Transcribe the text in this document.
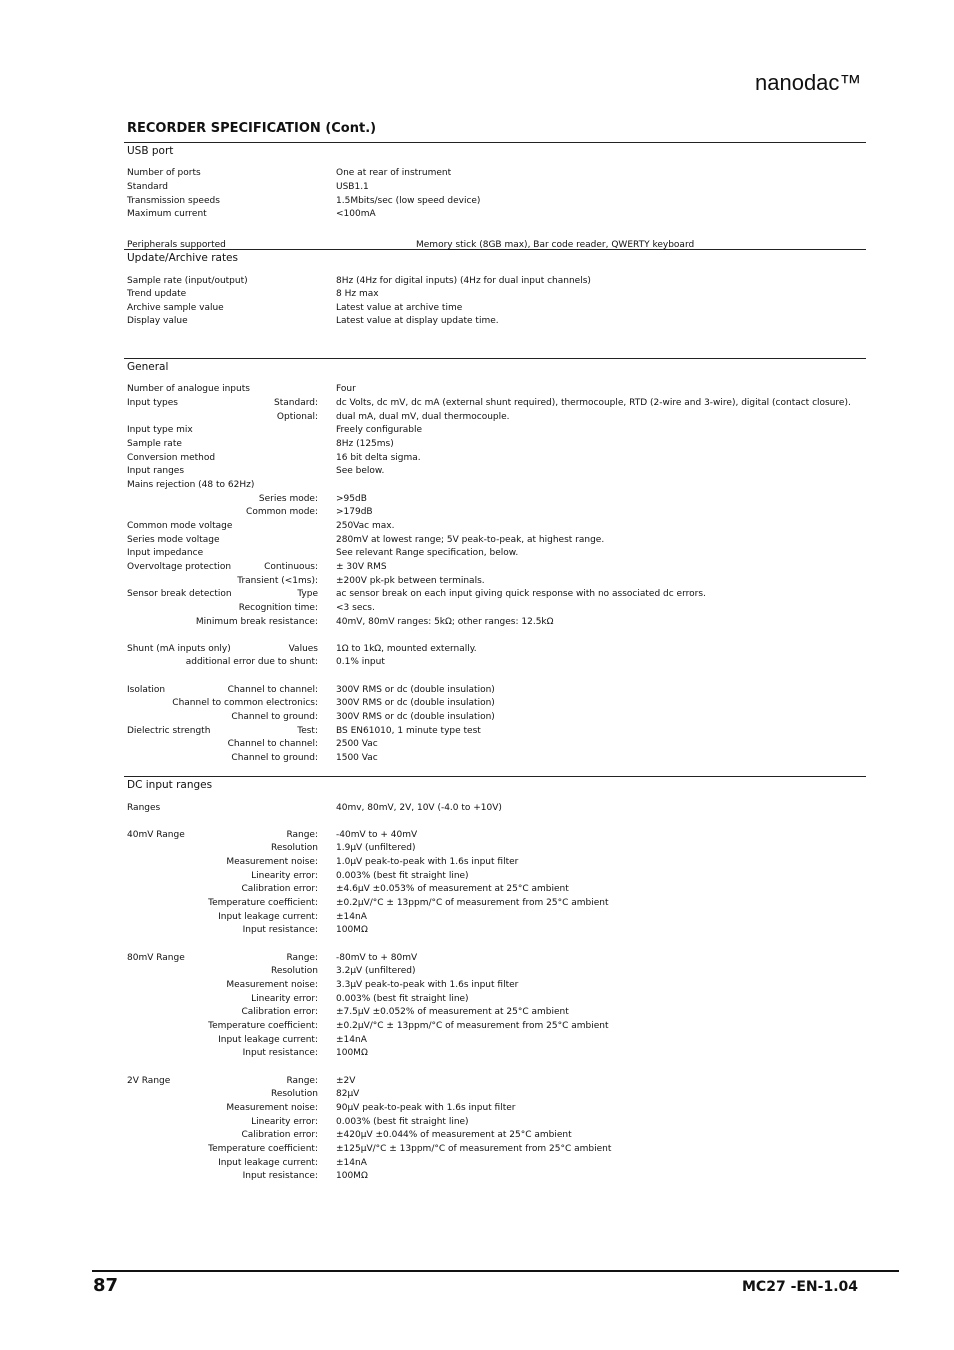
nanodac™
RECORDER SPECIFICATION (Cont.)
USB port
Number of ports	One at rear of instrument
Standard	USB1.1
Transmission speeds	1.5Mbits/sec (low speed device)
Maximum current	<100mA
Peripherals supported	Memory stick (8GB max), Bar code reader, QWERTY keyboard
Update/Archive rates
Sample rate (input/output)	8Hz (4Hz for digital inputs) (4Hz for dual input channels)
Trend update	8 Hz max
Archive sample value	Latest value at archive time
Display value	Latest value at display update time.
General
Number of analogue inputs	Four
Input types	Standard: dc Volts, dc mV, dc mA (external shunt required), thermocouple, RTD (2-wire and 3-wire), digital (contact closure).
Optional: dual mA, dual mV, dual thermocouple.
Input type mix	Freely configurable
Sample rate	8Hz (125ms)
Conversion method	16 bit delta sigma.
Input ranges	See below.
Mains rejection (48 to 62Hz)
Series mode: >95dB
Common mode: >179dB
Common mode voltage	250Vac max.
Series mode voltage	280mV at lowest range; 5V peak-to-peak, at highest range.
Input impedance	See relevant Range specification, below.
Overvoltage protection	Continuous: ± 30V RMS
Transient (<1ms): ±200V pk-pk between terminals.
Sensor break detection	Type ac sensor break on each input giving quick response with no associated dc errors.
Recognition time: <3 secs.
Minimum break resistance: 40mV, 80mV ranges: 5kΩ; other ranges: 12.5kΩ
Shunt (mA inputs only)	Values 1Ω to 1kΩ, mounted externally.
additional error due to shunt: 0.1% input
Isolation	Channel to channel: 300V RMS or dc (double insulation)
Channel to common electronics: 300V RMS or dc (double insulation)
Channel to ground: 300V RMS or dc (double insulation)
Dielectric strength	Test: BS EN61010, 1 minute type test
Channel to channel: 2500 Vac
Channel to ground: 1500 Vac
DC input ranges
Ranges	40mv, 80mV, 2V, 10V (-4.0 to +10V)
40mV Range	Range: -40mV to + 40mV
Resolution 1.9µV (unfiltered)
Measurement noise: 1.0µV peak-to-peak with 1.6s input filter
Linearity error: 0.003% (best fit straight line)
Calibration error: ±4.6µV ±0.053% of measurement at 25°C ambient
Temperature coefficient: ±0.2µV/°C ± 13ppm/°C of measurement from 25°C ambient
Input leakage current: ±14nA
Input resistance: 100MΩ
80mV Range	Range: -80mV to + 80mV
Resolution 3.2µV (unfiltered)
Measurement noise: 3.3µV peak-to-peak with 1.6s input filter
Linearity error: 0.003% (best fit straight line)
Calibration error: ±7.5µV ±0.052% of measurement at 25°C ambient
Temperature coefficient: ±0.2µV/°C ± 13ppm/°C of measurement from 25°C ambient
Input leakage current: ±14nA
Input resistance: 100MΩ
2V Range	Range: ±2V
Resolution 82µV
Measurement noise: 90µV peak-to-peak with 1.6s input filter
Linearity error: 0.003% (best fit straight line)
Calibration error: ±420µV ±0.044% of measurement at 25°C ambient
Temperature coefficient: ±125µV/°C ± 13ppm/°C of measurement from 25°C ambient
Input leakage current: ±14nA
Input resistance: 100MΩ
87	MC27 -EN-1.04
